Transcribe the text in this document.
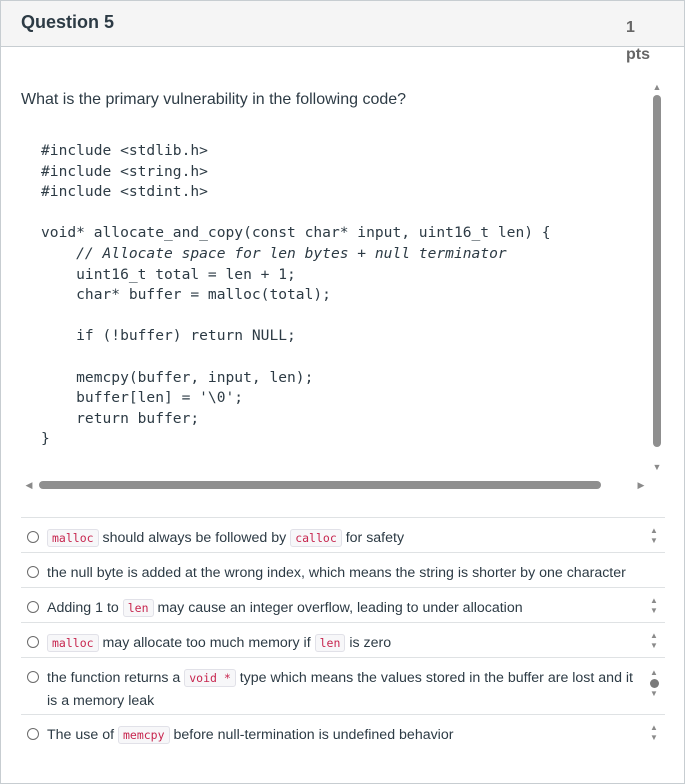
Question 5	1
pts
What is the primary vulnerability in the following code?
#include <stdlib.h>
#include <string.h>
#include <stdint.h>

void* allocate_and_copy(const char* input, uint16_t len) {
// Allocate space for len bytes + null terminator
uint16_t total = len + 1;
char* buffer = malloc(total);

if (!buffer) return NULL;

memcpy(buffer, input, len);
buffer[len] = '\0';
return buffer;
}
▲
▼
◀	▶
malloc should always be followed by calloc for safety	▲
▼
the null byte is added at the wrong index, which means the string is shorter by one character
Adding 1 to len may cause an integer overflow, leading to under allocation	▲
▼
malloc may allocate too much memory if len is zero	▲
▼
the function returns a void * type which means the values stored in the buffer are lost and it is a memory leak
▲
▼
The use of memcpy before null-termination is undefined behavior	▲
▼
